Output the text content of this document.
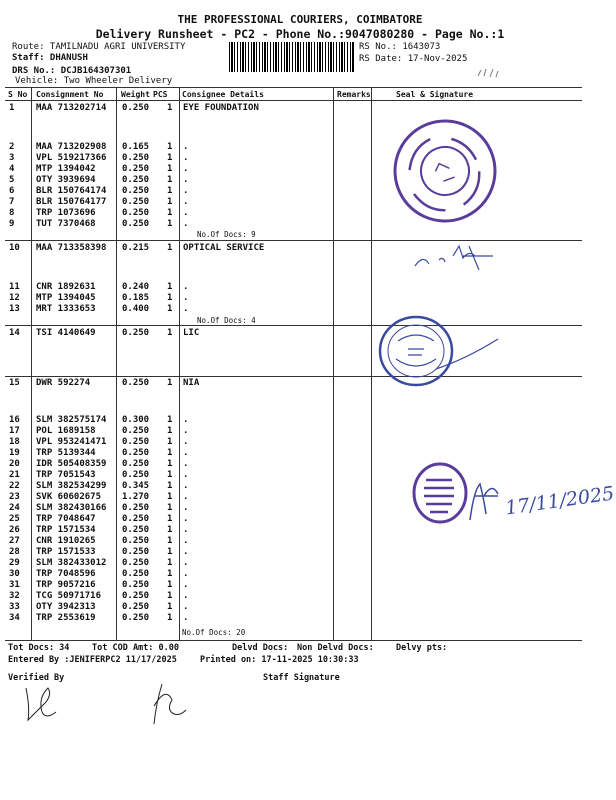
THE PROFESSIONAL COURIERS, COIMBATORE
Delivery Runsheet - PC2 - Phone No.:9047080280 - Page No.:1
Route: TAMILNADU AGRI UNIVERSITY
Staff: DHANUSH
DRS No.: DCJB164307301
Vehicle: Two Wheeler Delivery
RS No.: 1643073
RS Date: 17-Nov-2025
S No Consignment No Weight PCS Consignee Details	Remarks	Seal & Signature
1 MAA 713202714 0.250 1 EYE FOUNDATION
2 MAA 713202908 0.165 1 .
3 VPL 519217366 0.250 1 .
4 MTP 1394042	0.250 1 .
5 OTY 3939694	0.250 1 .
6 BLR 150764174 0.250 1 .
7 BLR 150764177 0.250 1 .
8 TRP 1073696	0.250 1 .
9 TUT 7370468	0.250 1 .
10 MAA 713358398 0.215 1 OPTICAL SERVICE
11 CNR 1892631	0.240 1 .
12 MTP 1394045	0.185 1 .
13 MRT 1333653	0.400 1 .
14 TSI 4140649	0.250 1 LIC
15 DWR 592274	0.250 1 NIA
16 SLM 382575174 0.300 1 .
17 POL 1689158	0.250 1 .
18 VPL 953241471 0.250 1 .
19 TRP 5139344	0.250 1 .
20 IDR 505408359 0.250 1 .
21 TRP 7051543	0.250 1 .
22 SLM 382534299 0.345 1 .
23 SVK 60602675 1.270 1 .
24 SLM 382430166 0.250 1 .
25 TRP 7048647	0.250 1 .
26 TRP 1571534	0.250 1 .
27 CNR 1910265	0.250 1 .
28 TRP 1571533	0.250 1 .
29 SLM 382433012 0.250 1 .
30 TRP 7048596	0.250 1 .
31 TRP 9057216	0.250 1 .
32 TCG 50971716 0.250 1 .
33 OTY 3942313	0.250 1 .
34 TRP 2553619	0.250 1 .
No.Of Docs: 9
No.Of Docs: 4
No.Of Docs: 20
Tot Docs: 34	Tot COD Amt: 0.00	Delvd Docs: Non Delvd Docs:	Delvy pts:
Entered By :JENIFERPC2 11/17/2025	Printed on: 17-11-2025 10:30:33
Verified By	Staff Signature
17/11/2025
